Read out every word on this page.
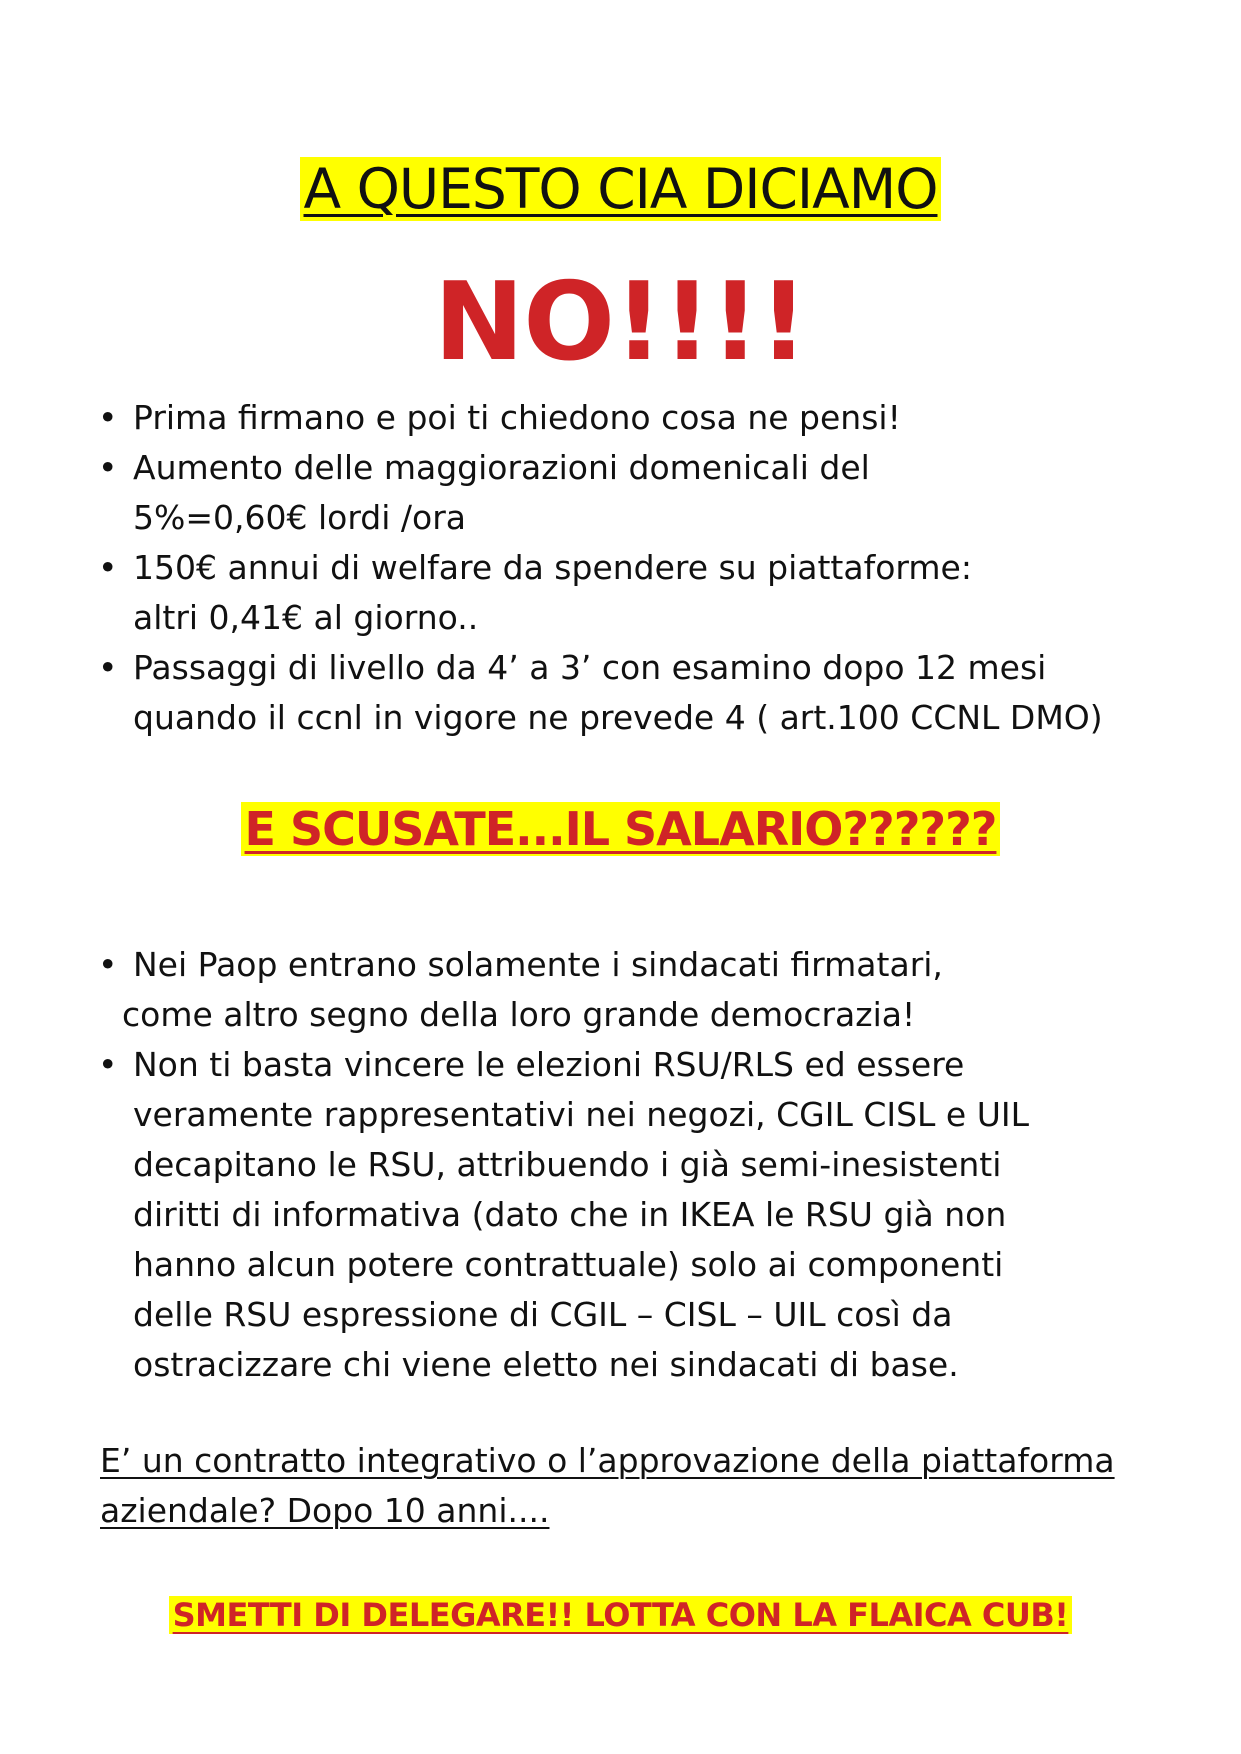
A QUESTO CIA DICIAMO
NO!!!!
• Prima firmano e poi ti chiedono cosa ne pensi!
• Aumento delle maggiorazioni domenicali del
5%=0,60€ lordi /ora
• 150€ annui di welfare da spendere su piattaforme:
altri 0,41€ al giorno..
• Passaggi di livello da 4’ a 3’ con esamino dopo 12 mesi
quando il ccnl in vigore ne prevede 4 ( art.100 CCNL DMO)
E SCUSATE...IL SALARIO??????
• Nei Paop entrano solamente i sindacati firmatari,
come altro segno della loro grande democrazia!
• Non ti basta vincere le elezioni RSU/RLS ed essere
veramente rappresentativi nei negozi, CGIL CISL e UIL
decapitano le RSU, attribuendo i già semi-inesistenti
diritti di informativa (dato che in IKEA le RSU già non
hanno alcun potere contrattuale) solo ai componenti
delle RSU espressione di CGIL – CISL – UIL così da
ostracizzare chi viene eletto nei sindacati di base.
E’ un contratto integrativo o l’approvazione della piattaforma
aziendale? Dopo 10 anni....
SMETTI DI DELEGARE!! LOTTA CON LA FLAICA CUB!
